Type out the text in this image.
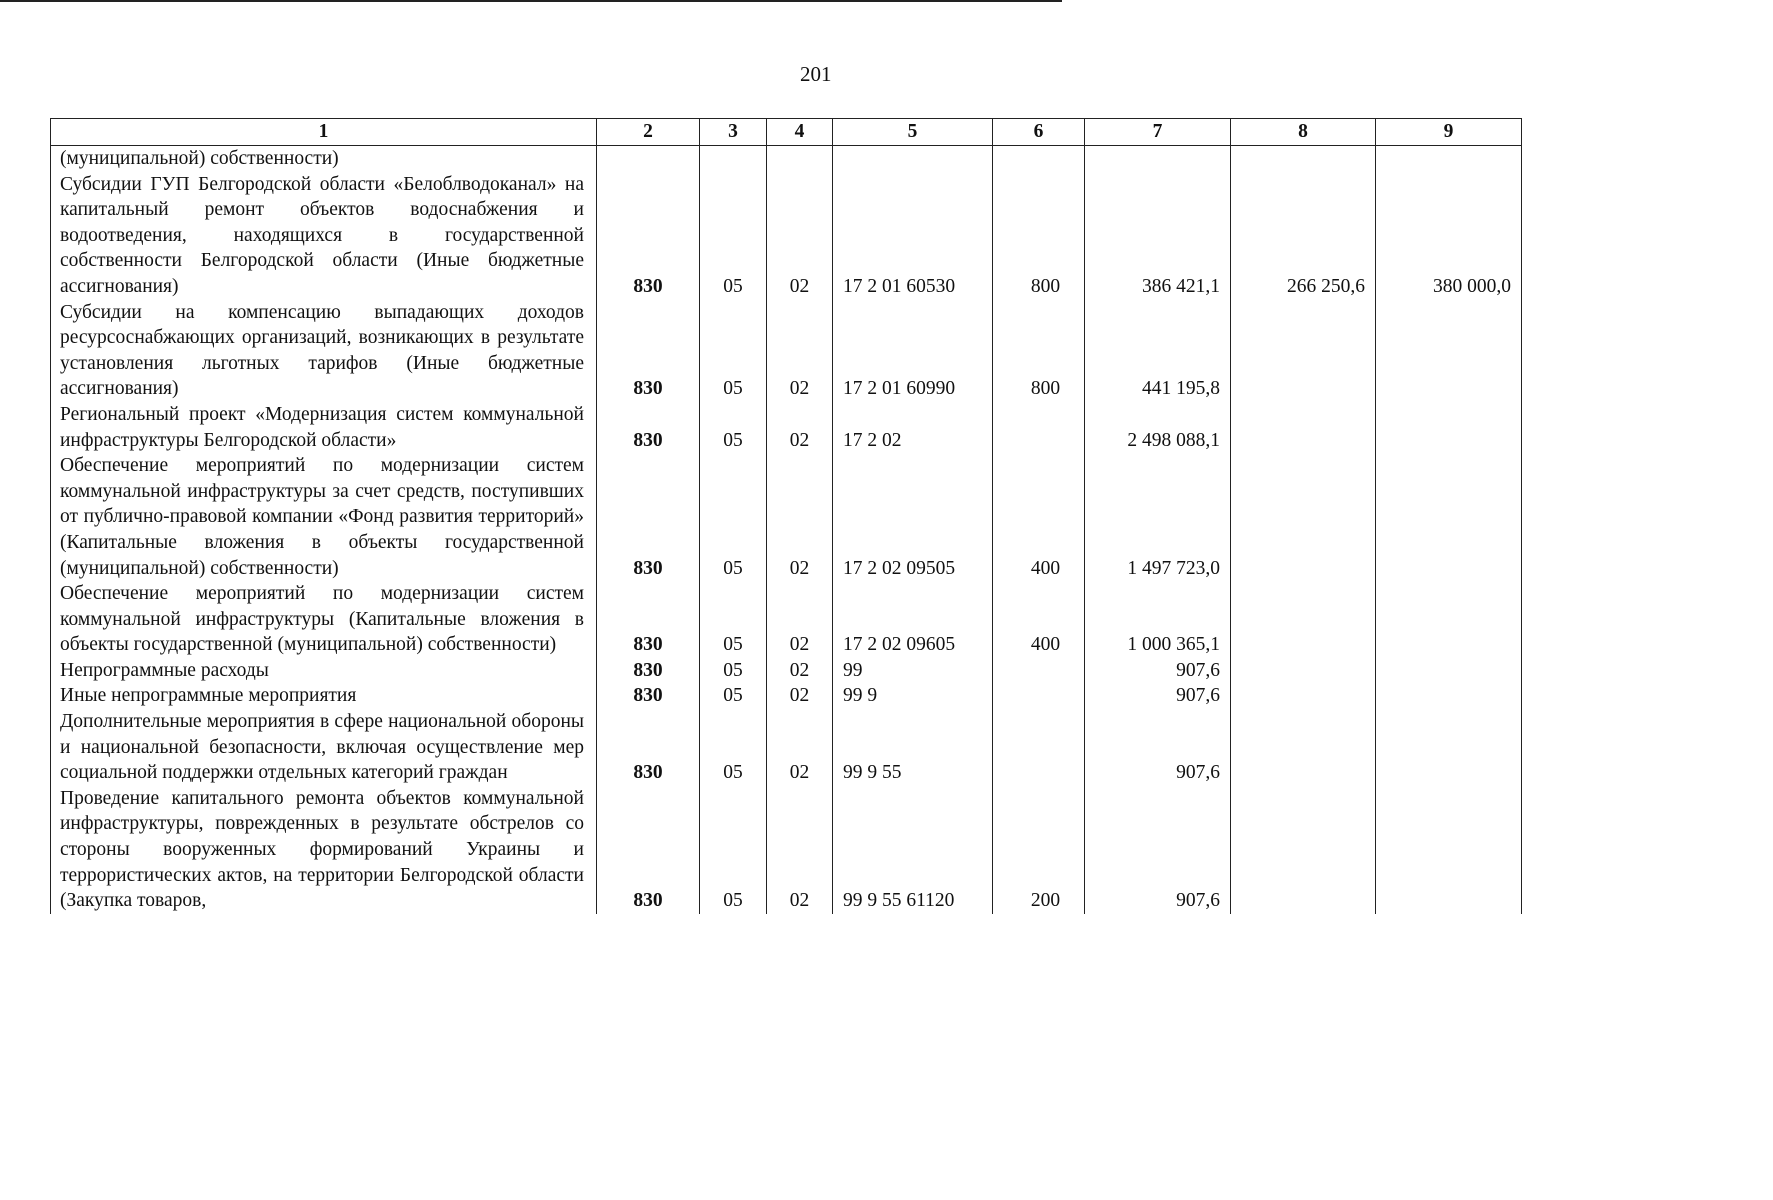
201
1	2	3	4	5	6	7	8	9
(муниципальной) собственности)								
Субсидии ГУП Белгородской области «Белоблводоканал» на капитальный ремонт объектов водоснабжения и водоотведения, находящихся в государственной собственности Белгородской области (Иные бюджетные ассигнования)	830	05	02	17 2 01 60530	800	386 421,1	266 250,6	380 000,0
Субсидии на компенсацию выпадающих доходов ресурсоснабжающих организаций, возникающих в результате установления льготных тарифов (Иные бюджетные ассигнования)	830	05	02	17 2 01 60990	800	441 195,8		
Региональный проект «Модернизация систем коммунальной инфраструктуры Белгородской области»	830	05	02	17 2 02		2 498 088,1		
Обеспечение мероприятий по модернизации систем коммунальной инфраструктуры за счет средств, поступивших от публично-правовой компании «Фонд развития территорий» (Капитальные вложения в объекты государственной (муниципальной) собственности)	830	05	02	17 2 02 09505	400	1 497 723,0		
Обеспечение мероприятий по модернизации систем коммунальной инфраструктуры (Капитальные вложения в объекты государственной (муниципальной) собственности)	830	05	02	17 2 02 09605	400	1 000 365,1		
Непрограммные расходы	830	05	02	99		907,6		
Иные непрограммные мероприятия	830	05	02	99 9		907,6		
Дополнительные мероприятия в сфере национальной обороны и национальной безопасности, включая осуществление мер социальной поддержки отдельных категорий граждан	830	05	02	99 9 55		907,6		
Проведение капитального ремонта объектов коммунальной инфраструктуры, поврежденных в результате обстрелов со стороны вооруженных формирований Украины и террористических актов, на территории Белгородской области (Закупка товаров,	830	05	02	99 9 55 61120	200	907,6		
